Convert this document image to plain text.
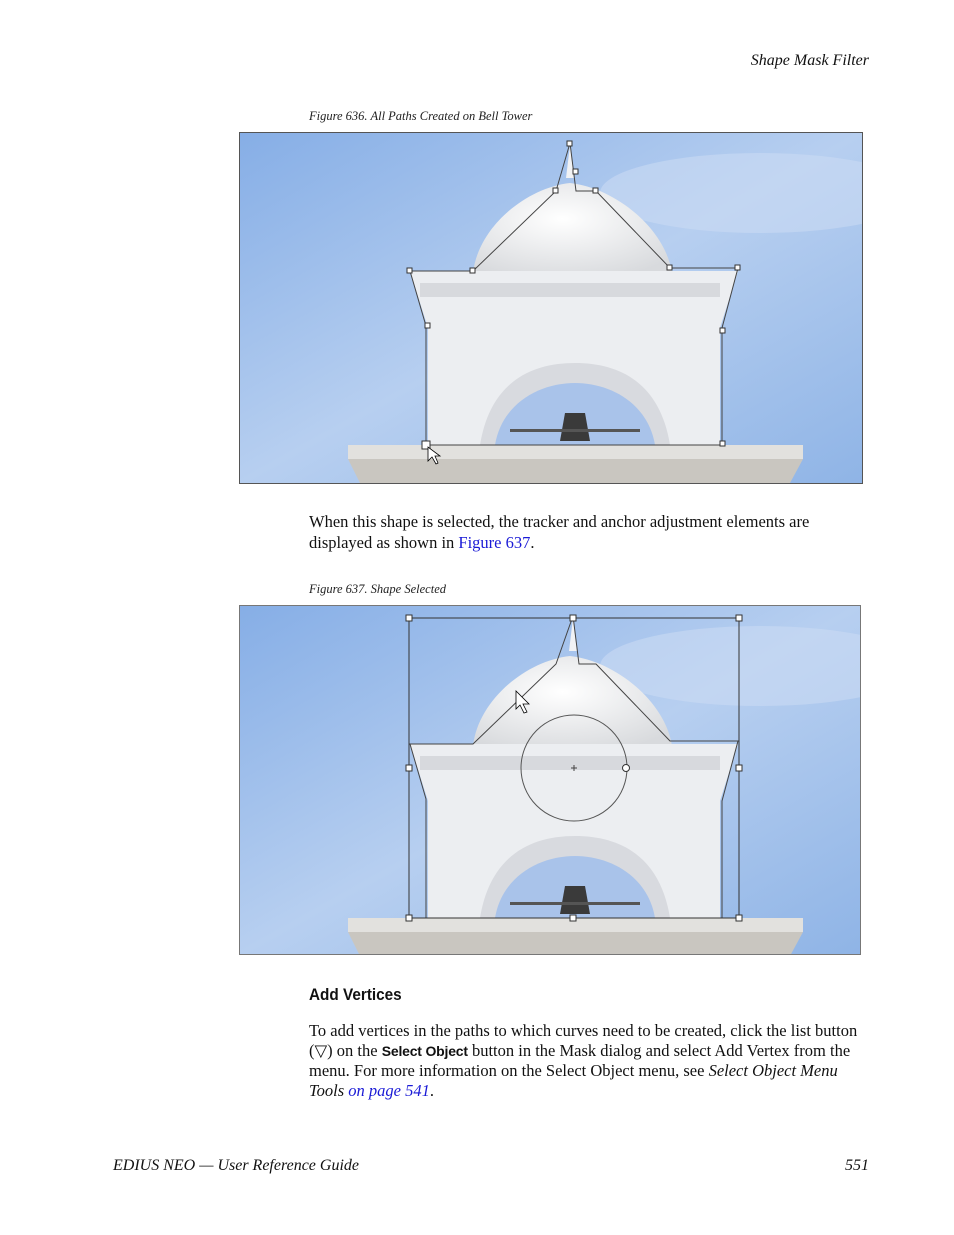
Shape Mask Filter
Figure 636. All Paths Created on Bell Tower

When this shape is selected, the tracker and anchor adjustment elements are displayed as shown in Figure 637.

Figure 637. Shape Selected
Add Vertices

To add vertices in the paths to which curves need to be created, click the list button (▽) on the Select Object button in the Mask dialog and select Add Vertex from the menu. For more information on the Select Object menu, see Select Object Menu Tools on page 541.

EDIUS NEO — User Reference Guide	551
